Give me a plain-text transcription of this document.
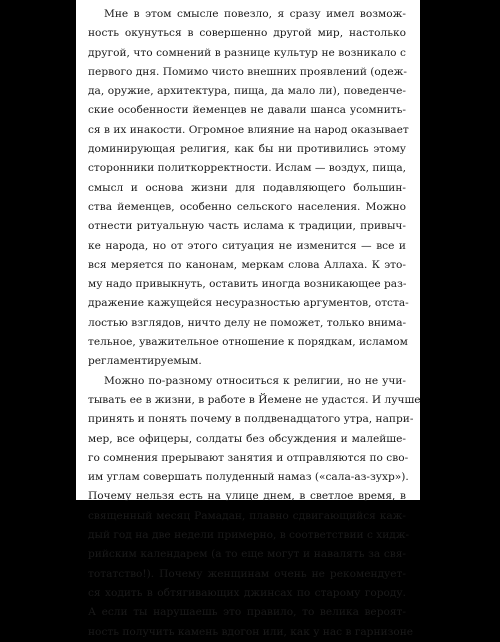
Мне в этом смысле повезло, я сразу имел возмож-
ность окунуться в совершенно другой мир, настолько
другой, что сомнений в разнице культур не возникало с
первого дня. Помимо чисто внешних проявлений (одеж-
да, оружие, архитектура, пища, да мало ли), поведенче-
ские особенности йеменцев не давали шанса усомнить-
ся в их инакости. Огромное влияние на народ оказывает
доминирующая религия, как бы ни противились этому
сторонники политкорректности. Ислам — воздух, пища,
смысл и основа жизни для подавляющего большин-
ства йеменцев, особенно сельского населения. Можно
отнести ритуальную часть ислама к традиции, привыч-
ке народа, но от этого ситуация не изменится — все и
вся меряется по канонам, меркам слова Аллаха. К это-
му надо привыкнуть, оставить иногда возникающее раз-
дражение кажущейся несуразностью аргументов, отста-
лостью взглядов, ничто делу не поможет, только внима-
тельное, уважительное отношение к порядкам, исламом
регламентируемым.
Можно по-разному относиться к религии, но не учи-
тывать ее в жизни, в работе в Йемене не удастся. И лучше
принять и понять почему в полдвенадцатого утра, напри-
мер, все офицеры, солдаты без обсуждения и малейше-
го сомнения прерывают занятия и отправляются по сво-
им углам совершать полуденный намаз («сала-аз-зухр»).
Почему нельзя есть на улице днем, в светлое время, в
священный месяц Рамадан, плавно сдвигающийся каж-
дый год на две недели примерно, в соответствии с хидж-
рийским календарем (а то еще могут и навалять за свя-
тотатство!). Почему женщинам очень не рекомендует-
ся ходить в обтягивающих джинсах по старому городу.
А если ты нарушаешь это правило, то велика вероят-
ность получить камень вдогон или, как у нас в гарнизоне
